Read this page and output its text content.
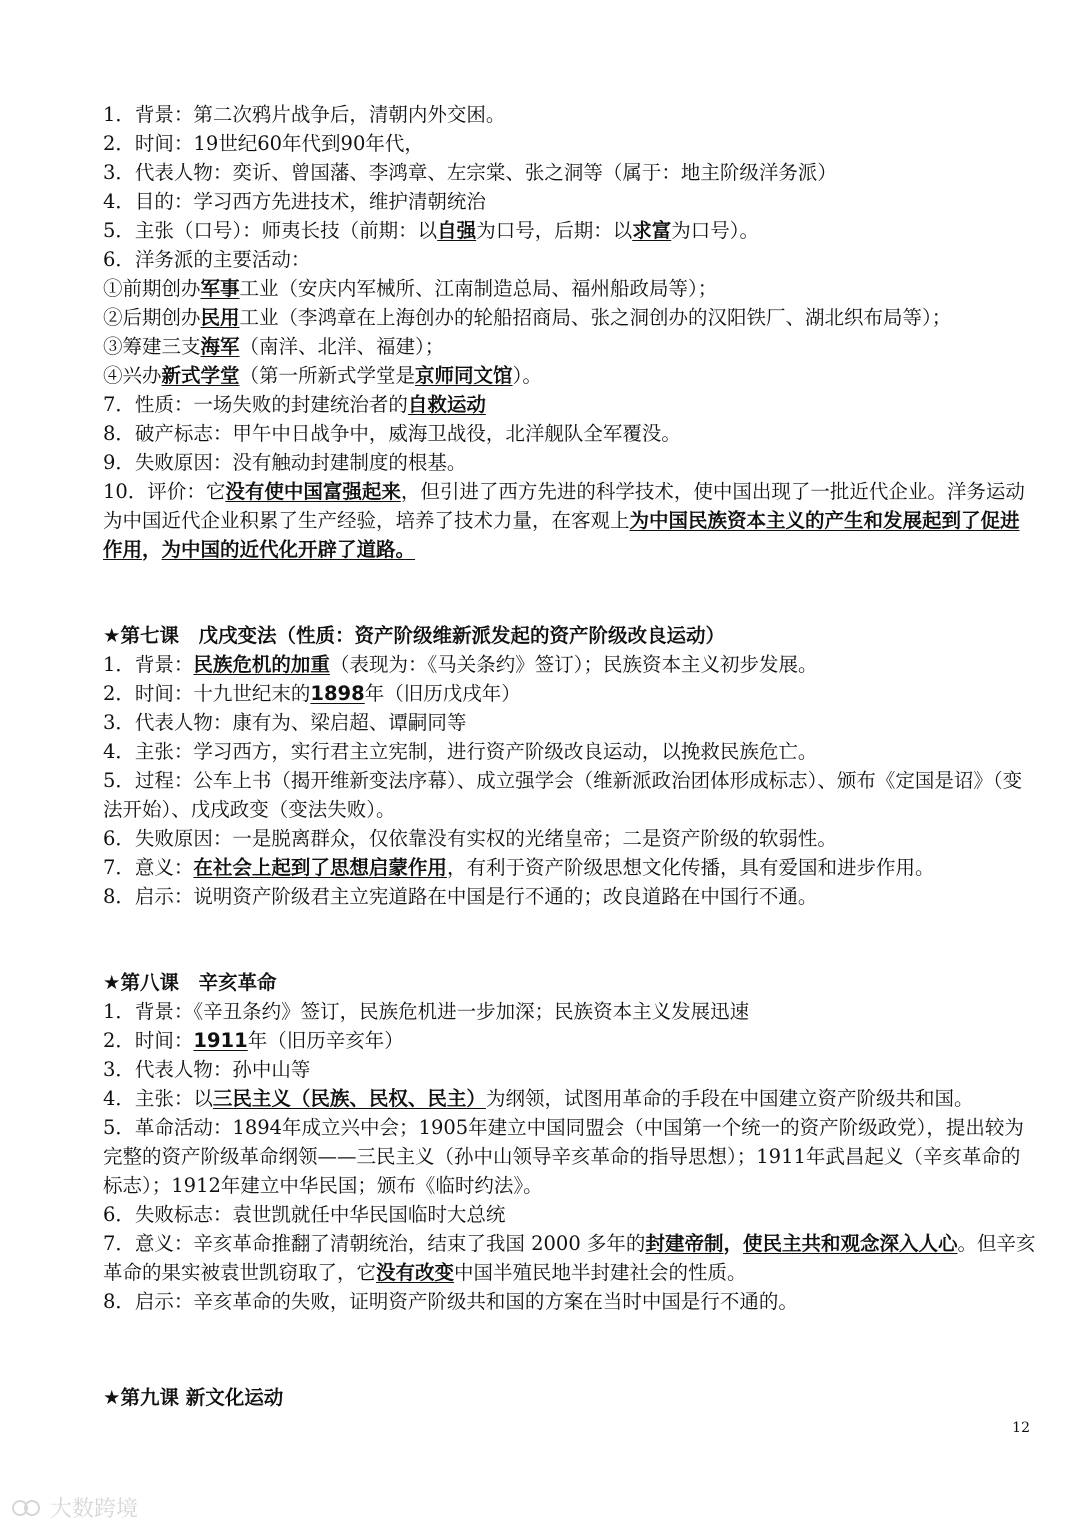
1．背景：第二次鸦片战争后，清朝内外交困。
2．时间：19世纪60年代到90年代，
3．代表人物：奕䜣、曾国藩、李鸿章、左宗棠、张之洞等（属于：地主阶级洋务派）
4．目的：学习西方先进技术，维护清朝统治
5．主张（口号）：师夷长技（前期：以自强为口号，后期：以求富为口号）。
6．洋务派的主要活动：
①前期创办军事工业（安庆内军械所、江南制造总局、福州船政局等）；
②后期创办民用工业（李鸿章在上海创办的轮船招商局、张之洞创办的汉阳铁厂、湖北织布局等）；
③筹建三支海军（南洋、北洋、福建）；
④兴办新式学堂（第一所新式学堂是京师同文馆）。
7．性质：一场失败的封建统治者的自救运动
8．破产标志：甲午中日战争中，威海卫战役，北洋舰队全军覆没。
9．失败原因：没有触动封建制度的根基。
10．评价：它没有使中国富强起来，但引进了西方先进的科学技术，使中国出现了一批近代企业。洋务运动为中国近代企业积累了生产经验，培养了技术力量，在客观上为中国民族资本主义的产生和发展起到了促进作用，为中国的近代化开辟了道路。
★第七课　戊戌变法（性质：资产阶级维新派发起的资产阶级改良运动）
1．背景：民族危机的加重（表现为：《马关条约》签订）；民族资本主义初步发展。
2．时间：十九世纪末的1898年（旧历戊戌年）
3．代表人物：康有为、梁启超、谭嗣同等
4．主张：学习西方，实行君主立宪制，进行资产阶级改良运动，以挽救民族危亡。
5．过程：公车上书（揭开维新变法序幕）、成立强学会（维新派政治团体形成标志）、颁布《定国是诏》（变法开始）、戊戌政变（变法失败）。
6．失败原因：一是脱离群众，仅依靠没有实权的光绪皇帝；二是资产阶级的软弱性。
7．意义：在社会上起到了思想启蒙作用，有利于资产阶级思想文化传播，具有爱国和进步作用。
8．启示：说明资产阶级君主立宪道路在中国是行不通的；改良道路在中国行不通。
★第八课　辛亥革命
1．背景：《辛丑条约》签订，民族危机进一步加深；民族资本主义发展迅速
2．时间：1911年（旧历辛亥年）
3．代表人物：孙中山等
4．主张：以三民主义（民族、民权、民主）为纲领，试图用革命的手段在中国建立资产阶级共和国。
5．革命活动：1894年成立兴中会；1905年建立中国同盟会（中国第一个统一的资产阶级政党），提出较为完整的资产阶级革命纲领——三民主义（孙中山领导辛亥革命的指导思想）；1911年武昌起义（辛亥革命的标志）；1912年建立中华民国；颁布《临时约法》。
6．失败标志：袁世凯就任中华民国临时大总统
7．意义：辛亥革命推翻了清朝统治，结束了我国 2000 多年的封建帝制，使民主共和观念深入人心。但辛亥革命的果实被袁世凯窃取了，它没有改变中国半殖民地半封建社会的性质。
8．启示：辛亥革命的失败，证明资产阶级共和国的方案在当时中国是行不通的。
★第九课 新文化运动
12
大数跨境
